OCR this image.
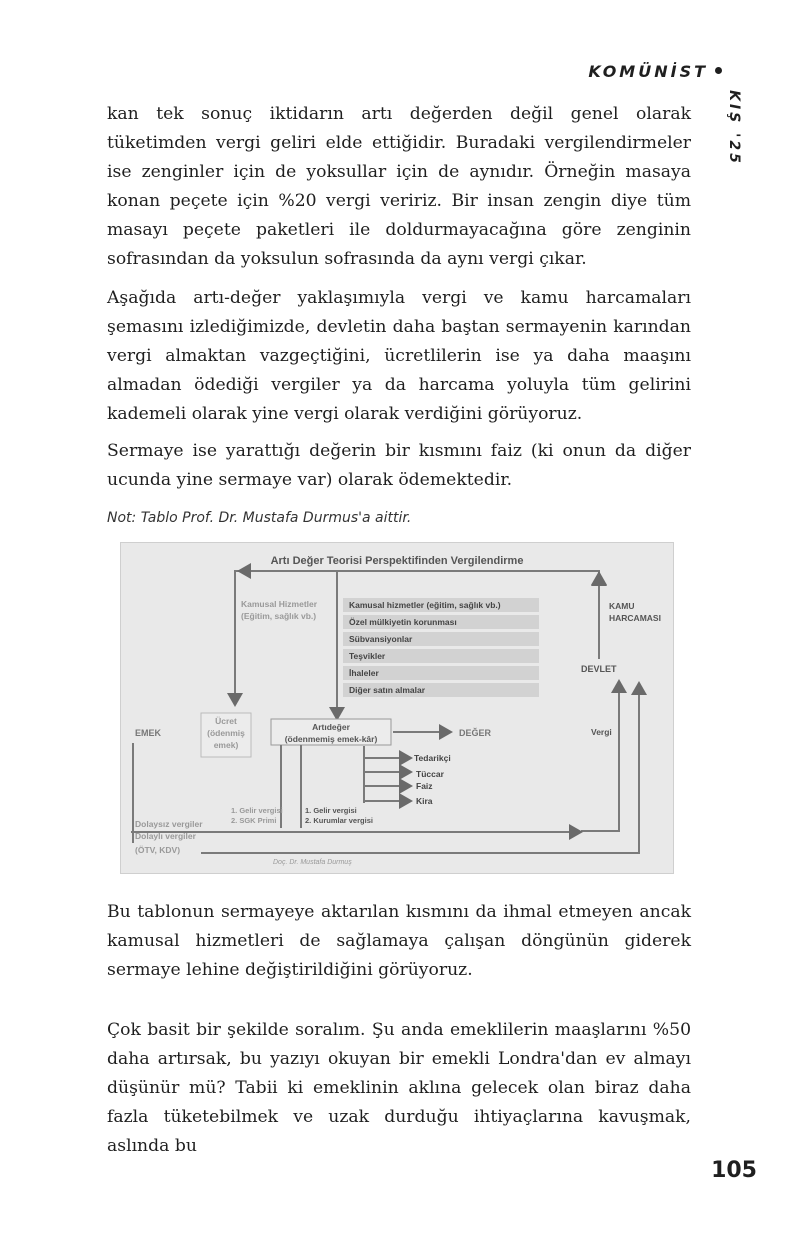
KOMÜNİST
KIŞ '25

kan tek sonuç iktidarın artı değerden değil genel olarak tüketimden vergi geliri elde ettiğidir. Buradaki vergilendirmeler ise zenginler için de yoksullar için de aynıdır. Örneğin masaya konan peçete için %20 vergi veririz. Bir insan zengin diye tüm masayı peçete paketleri ile doldurmayacağına göre zenginin sofrasından da yoksulun sofrasında da aynı vergi çıkar.

Aşağıda artı-değer yaklaşımıyla vergi ve kamu harcamaları şemasını izlediğimizde, devletin daha baştan sermayenin karından vergi almaktan vazgeçtiğini, ücretlilerin ise ya daha maaşını almadan ödediği vergiler ya da harcama yoluyla tüm gelirini kademeli olarak yine vergi olarak verdiğini görüyoruz.

Sermaye ise yarattığı değerin bir kısmını faiz (ki onun da diğer ucunda yine sermaye var) olarak ödemektedir.

Not: Tablo Prof. Dr. Mustafa Durmus'a aittir.
Artı Değer Teorisi Perspektifinden Vergilendirme
Kamusal Hizmetler
(Eğitim, sağlık vb.)
Kamusal hizmetler (eğitim, sağlık vb.)
Özel mülkiyetin korunması
Sübvansiyonlar
Teşvikler
İhaleler
Diğer satın almalar
KAMU
HARCAMASI
DEVLET
Vergi
EMEK
Ücret
(ödenmiş
emek)
Artıdeğer
(ödenmemiş emek-kâr)
DEĞER
Tedarikçi
Tüccar
Faiz
Kira
1. Gelir vergisi
2. SGK Primi
1. Gelir vergisi
2. Kurumlar vergisi
Dolaysız vergiler
Dolaylı vergiler
(ÖTV, KDV)
Doç. Dr. Mustafa Durmuş

Bu tablonun sermayeye aktarılan kısmını da ihmal etmeyen ancak kamusal hizmetleri de sağlamaya çalışan döngünün giderek sermaye lehine değiştirildiğini görüyoruz.

Çok basit bir şekilde soralım. Şu anda emeklilerin maaşlarını %50 daha artırsak, bu yazıyı okuyan bir emekli Londra'dan ev almayı düşünür mü? Tabii ki emeklinin aklına gelecek olan biraz daha fazla tüketebilmek ve uzak durduğu ihtiyaçlarına kavuşmak, aslında bu

105
